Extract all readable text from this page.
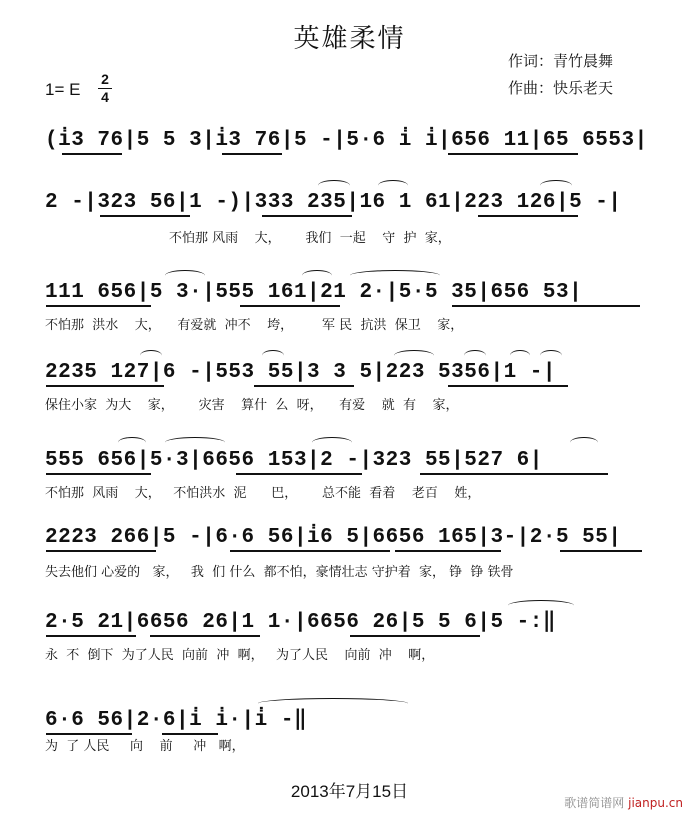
英雄柔情
作词：青竹晨舞
作曲：快乐老天
1= E
2
4
(i̇3 76|5 5 3|i̇3 76|5 -|5·6 i̇ i̇|656 11|65 6553|
2 -|323 56|1 -)|333 235|16 1 61|223 126|5 -|
不怕那 风雨    大，      我们  一起    守  护  家，
111 656|5 3·|555 161|21 2·|5·5 35|656 53|
不怕那  洪水    大，    有爱就  冲不    垮，       军 民  抗洪  保卫    家，
2235 127|6 -|553 55|3 3 5|223 5356|1 -|
保住小家  为大    家，      灾害    算什  么  呀，    有爱    就  有    家，
555 656|5·3|6656 153|2 -|323 55|527 6|
不怕那  风雨    大，   不怕洪水  泥      巴，      总不能  看着    老百    姓，
2223 266|5 -|6·6 56|i̇6 5|6656 165|3-|2·5 55|
失去他们 心爱的   家，   我  们 什么  都不怕，豪情壮志 守护着  家， 铮  铮 铁骨
2·5 21|6656 26|1 1·|6656 26|5 5 6|5 -:‖
永  不  倒下  为了人民  向前  冲  啊，   为了人民    向前  冲    啊，
6·6 56|2·6|i̇ i̇·|i̇ -‖
为  了 人民     向    前     冲   啊，
2013年7月15日
歌谱简谱网 jianpu.cn
